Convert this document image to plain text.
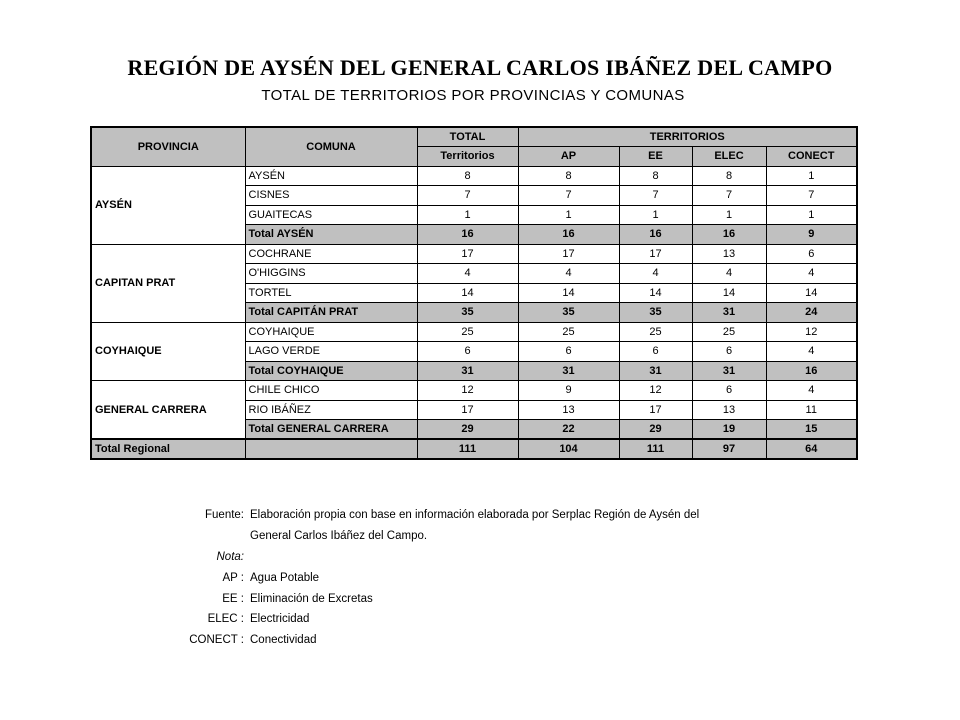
REGIÓN DE AYSÉN DEL GENERAL CARLOS IBÁÑEZ DEL CAMPO
TOTAL DE TERRITORIOS POR PROVINCIAS Y COMUNAS
PROVINCIA	COMUNA	TOTAL	TERRITORIOS			
		Territorios	AP	EE	ELEC	CONECT
AYSÉN	AYSÉN	8	8	8	8	1
	CISNES	7	7	7	7	7
	GUAITECAS	1	1	1	1	1
	Total AYSÉN	16	16	16	16	9
CAPITAN PRAT	COCHRANE	17	17	17	13	6
	O'HIGGINS	4	4	4	4	4
	TORTEL	14	14	14	14	14
	Total CAPITÁN PRAT	35	35	35	31	24
COYHAIQUE	COYHAIQUE	25	25	25	25	12
	LAGO VERDE	6	6	6	6	4
	Total COYHAIQUE	31	31	31	31	16
GENERAL CARRERA	CHILE CHICO	12	9	12	6	4
	RIO IBÁÑEZ	17	13	17	13	11
	Total GENERAL CARRERA	29	22	29	19	15
Total Regional		111	104	111	97	64
Fuente: Elaboración propia con base en información elaborada por Serplac Región de Aysén del
General Carlos Ibáñez del Campo.
Nota:
AP : Agua Potable
EE : Eliminación de Excretas
ELEC : Electricidad
CONECT : Conectividad
